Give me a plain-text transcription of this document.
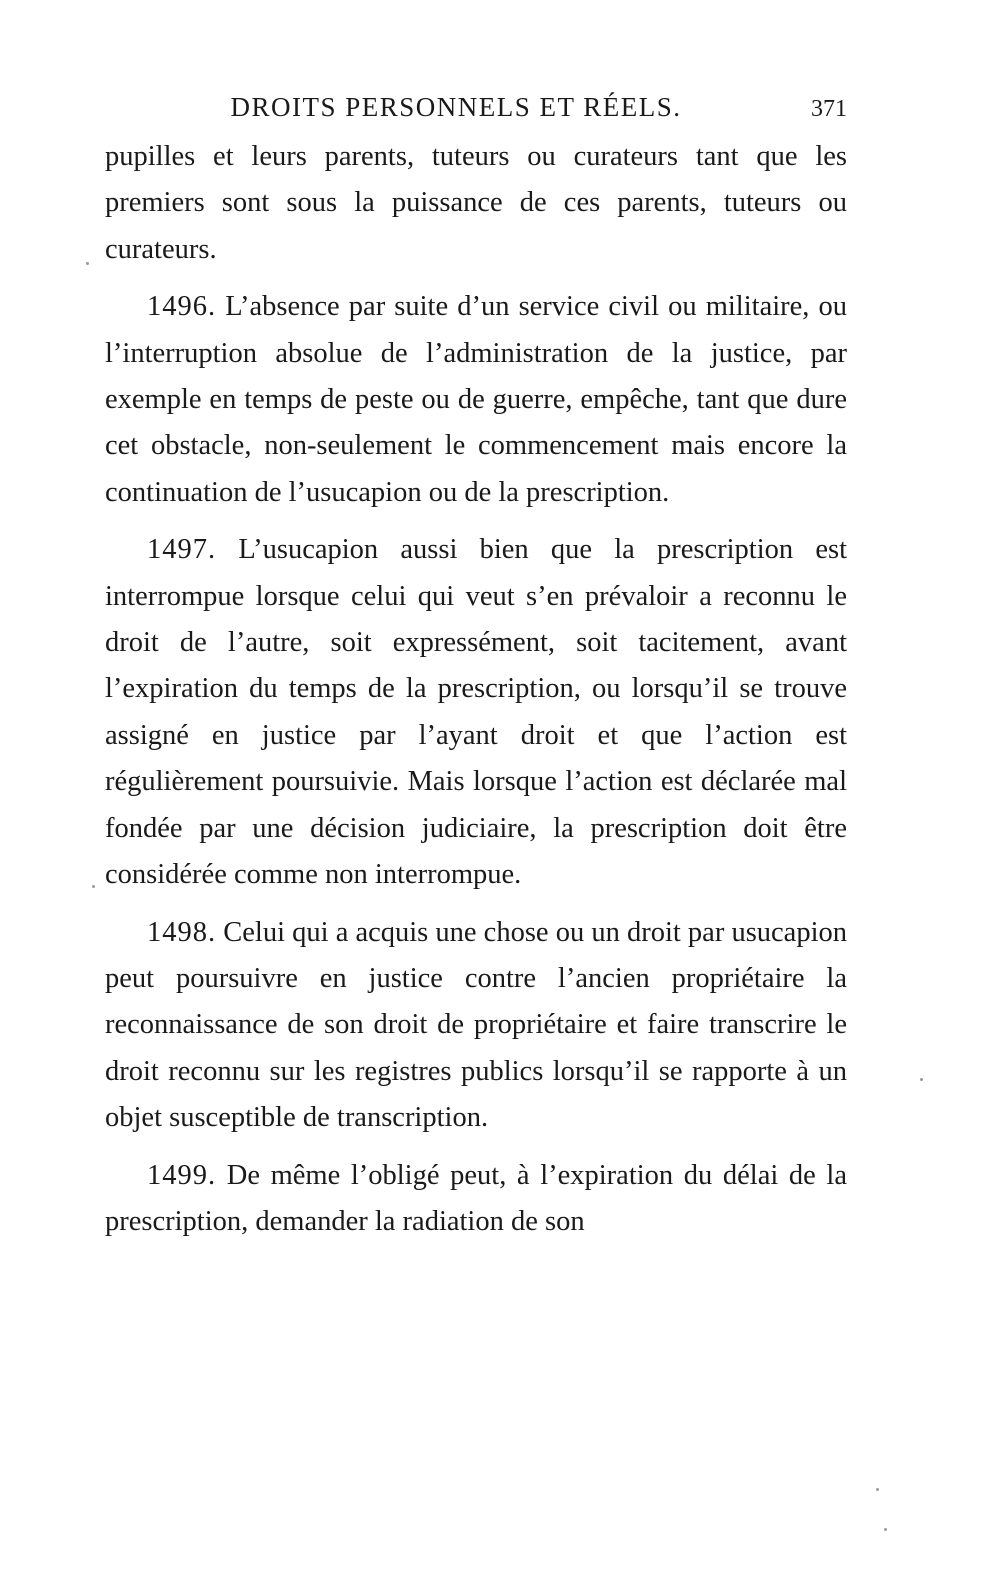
DROITS PERSONNELS ET RÉELS.	371

pupilles et leurs parents, tuteurs ou curateurs tant que les premiers sont sous la puissance de ces parents, tuteurs ou curateurs.

1496. L’absence par suite d’un service civil ou militaire, ou l’interruption absolue de l’administration de la justice, par exemple en temps de peste ou de guerre, empêche, tant que dure cet obstacle, non-seulement le commencement mais encore la continuation de l’usucapion ou de la prescription.

1497. L’usucapion aussi bien que la prescription est interrompue lorsque celui qui veut s’en prévaloir a reconnu le droit de l’autre, soit expressément, soit tacitement, avant l’expiration du temps de la prescription, ou lorsqu’il se trouve assigné en justice par l’ayant droit et que l’action est régulièrement poursuivie. Mais lorsque l’action est déclarée mal fondée par une décision judiciaire, la prescription doit être considérée comme non interrompue.

1498. Celui qui a acquis une chose ou un droit par usucapion peut poursuivre en justice contre l’ancien propriétaire la reconnaissance de son droit de propriétaire et faire transcrire le droit reconnu sur les registres publics lorsqu’il se rapporte à un objet susceptible de transcription.

1499. De même l’obligé peut, à l’expiration du délai de la prescription, demander la radiation de son
